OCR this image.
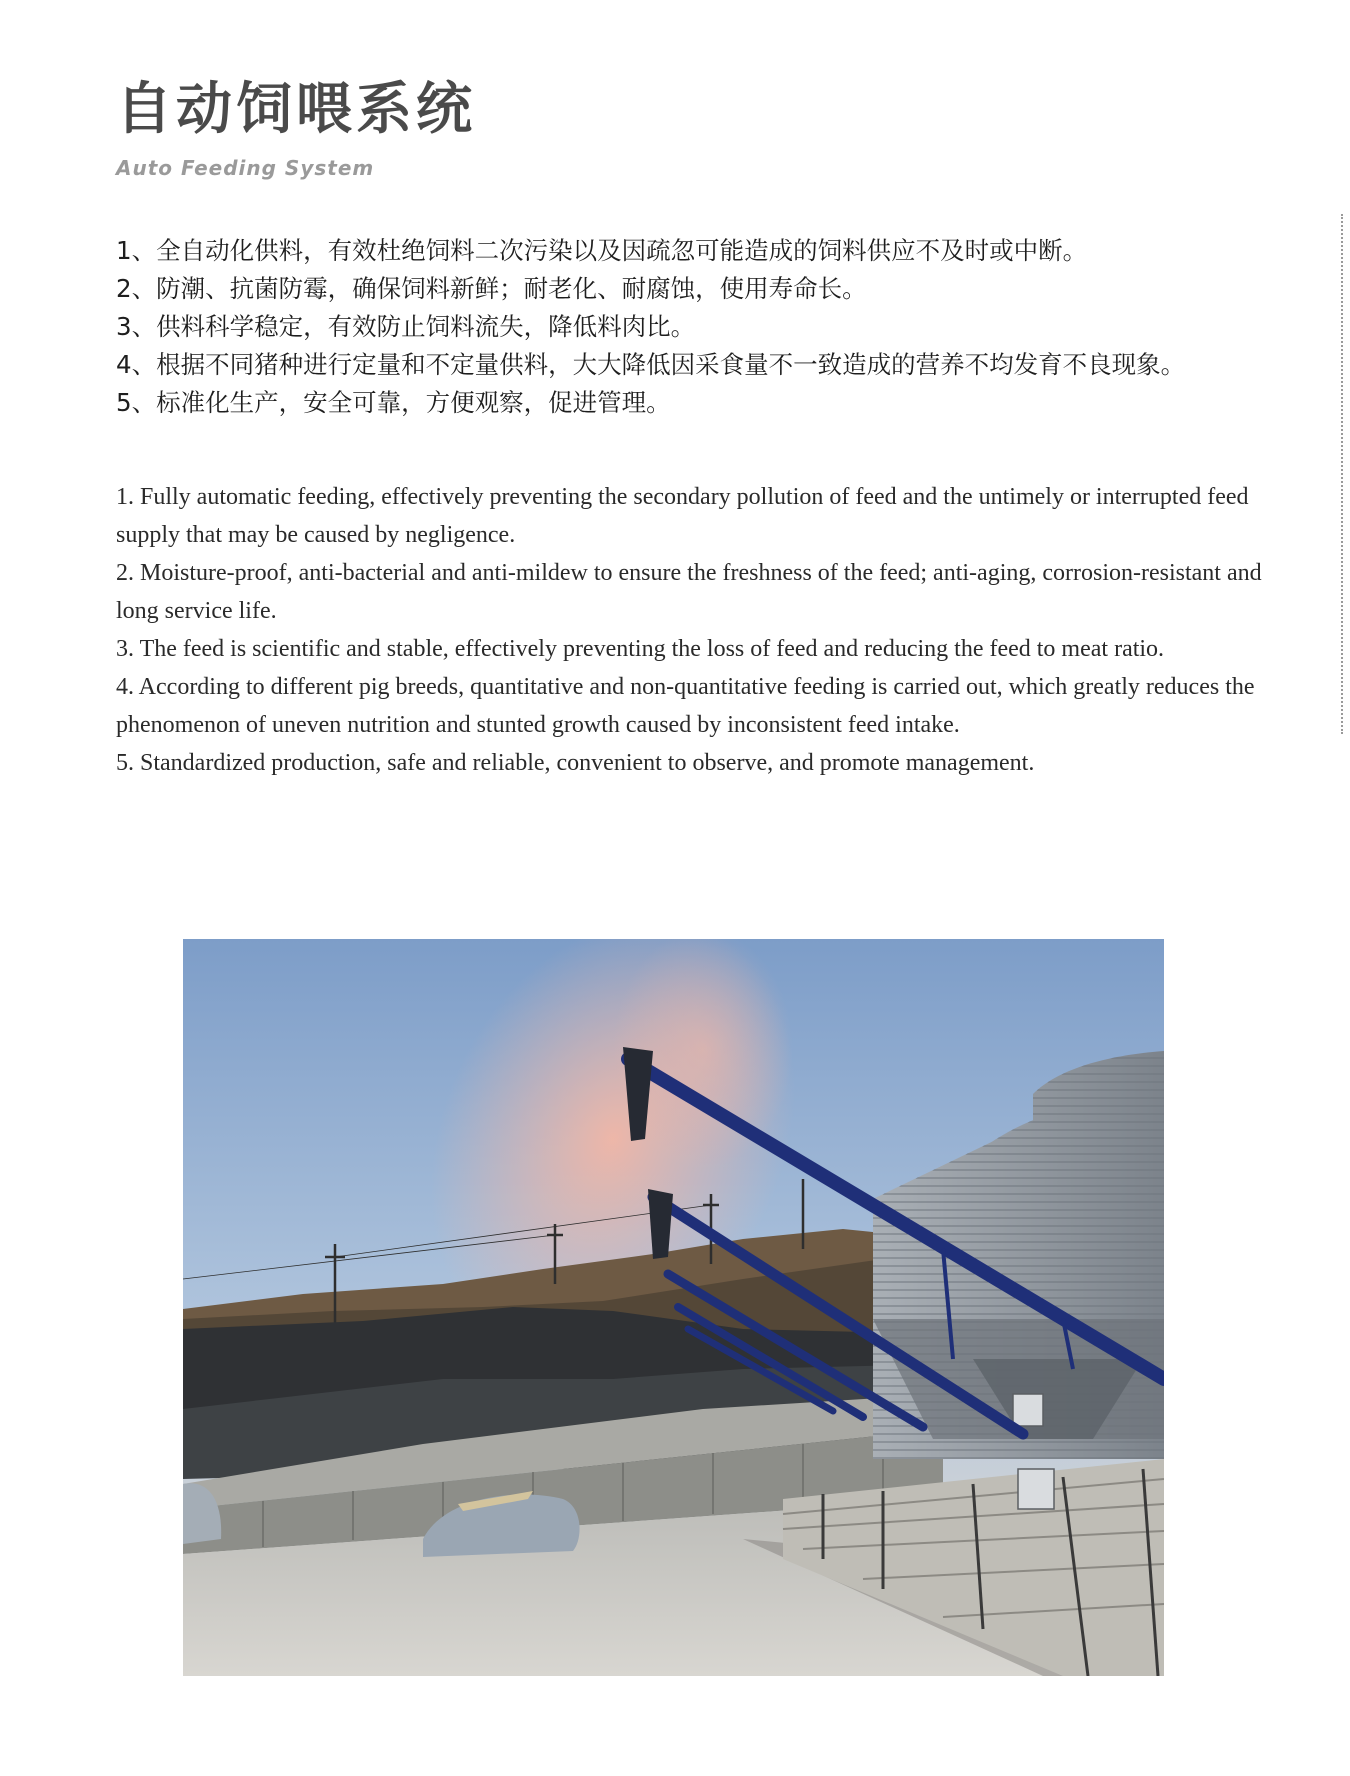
自动饲喂系统

Auto Feeding System

1、全自动化供料，有效杜绝饲料二次污染以及因疏忽可能造成的饲料供应不及时或中断。
2、防潮、抗菌防霉，确保饲料新鲜；耐老化、耐腐蚀，使用寿命长。
3、供料科学稳定，有效防止饲料流失，降低料肉比。
4、根据不同猪种进行定量和不定量供料，大大降低因采食量不一致造成的营养不均发育不良现象。
5、标准化生产，安全可靠，方便观察，促进管理。
1. Fully automatic feeding, effectively preventing the secondary pollution of feed and the untimely or interrupted feed supply that may be caused by negligence.
2. Moisture-proof, anti-bacterial and anti-mildew to ensure the freshness of the feed; anti-aging, corrosion-resistant and long service life.
3. The feed is scientific and stable, effectively preventing the loss of feed and reducing the feed to meat ratio.
4. According to different pig breeds, quantitative and non-quantitative feeding is carried out, which greatly reduces the phenomenon of uneven nutrition and stunted growth caused by inconsistent feed intake.
5. Standardized production, safe and reliable, convenient to observe, and promote management.
